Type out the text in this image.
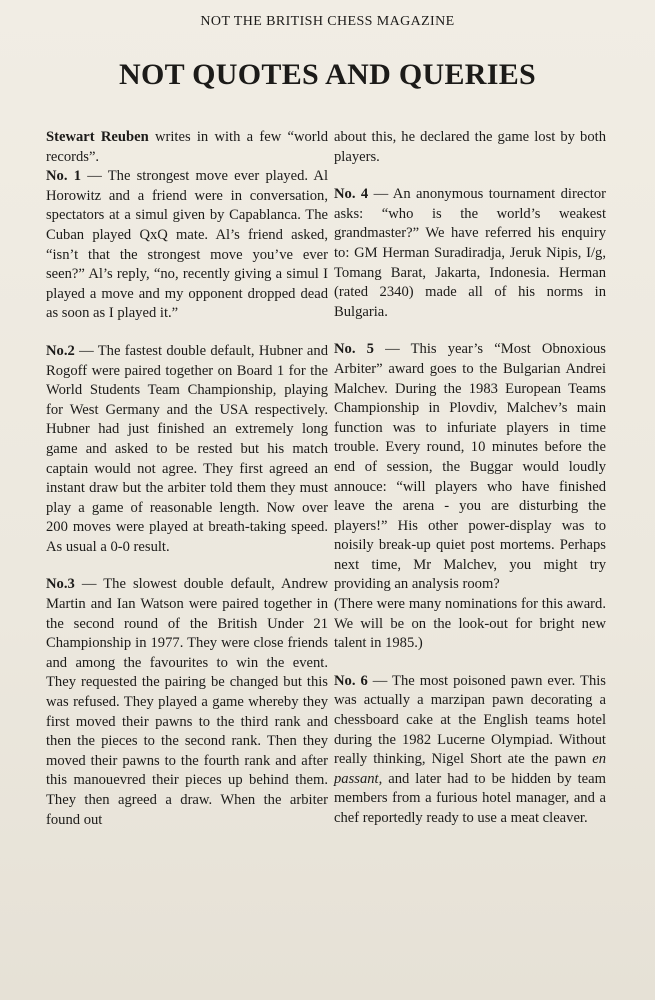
NOT THE BRITISH CHESS MAGAZINE
NOT QUOTES AND QUERIES

Stewart Reuben writes in with a few “world records”.

No. 1 — The strongest move ever played. Al Horowitz and a friend were in conversation, spectators at a simul given by Capablanca. The Cuban played QxQ mate. Al’s friend asked, “isn’t that the strongest move you’ve ever seen?” Al’s reply, “no, recently giving a simul I played a move and my opponent dropped dead as soon as I played it.”

No.2 — The fastest double default, Hubner and Rogoff were paired together on Board 1 for the World Students Team Championship, playing for West Germany and the USA respectively. Hubner had just finished an extremely long game and asked to be rested but his match captain would not agree. They first agreed an instant draw but the arbiter told them they must play a game of reasonable length. Now over 200 moves were played at breath-taking speed. As usual a 0-0 result.

No.3 — The slowest double default, Andrew Martin and Ian Watson were paired together in the second round of the British Under 21 Championship in 1977. They were close friends and among the favourites to win the event. They requested the pairing be changed but this was refused. They played a game whereby they first moved their pawns to the third rank and then the pieces to the second rank. Then they moved their pawns to the fourth rank and after this manouevred their pieces up behind them. They then agreed a draw. When the arbiter found out

about this, he declared the game lost by both players.

No. 4 — An anonymous tournament director asks: “who is the world’s weakest grandmaster?” We have referred his enquiry to: GM Herman Suradiradja, Jeruk Nipis, I/g, Tomang Barat, Jakarta, Indonesia. Herman (rated 2340) made all of his norms in Bulgaria.

No. 5 — This year’s “Most Obnoxious Arbiter” award goes to the Bulgarian Andrei Malchev. During the 1983 European Teams Championship in Plovdiv, Malchev’s main function was to infuriate players in time trouble. Every round, 10 minutes before the end of session, the Buggar would loudly annouce: “will players who have finished leave the arena - you are disturbing the players!” His other power-display was to noisily break-up quiet post mortems. Perhaps next time, Mr Malchev, you might try providing an analysis room?

(There were many nominations for this award. We will be on the look-out for bright new talent in 1985.)

No. 6 — The most poisoned pawn ever. This was actually a marzipan pawn decorating a chessboard cake at the English teams hotel during the 1982 Lucerne Olympiad. Without really thinking, Nigel Short ate the pawn en passant, and later had to be hidden by team members from a furious hotel manager, and a chef reportedly ready to use a meat cleaver.
